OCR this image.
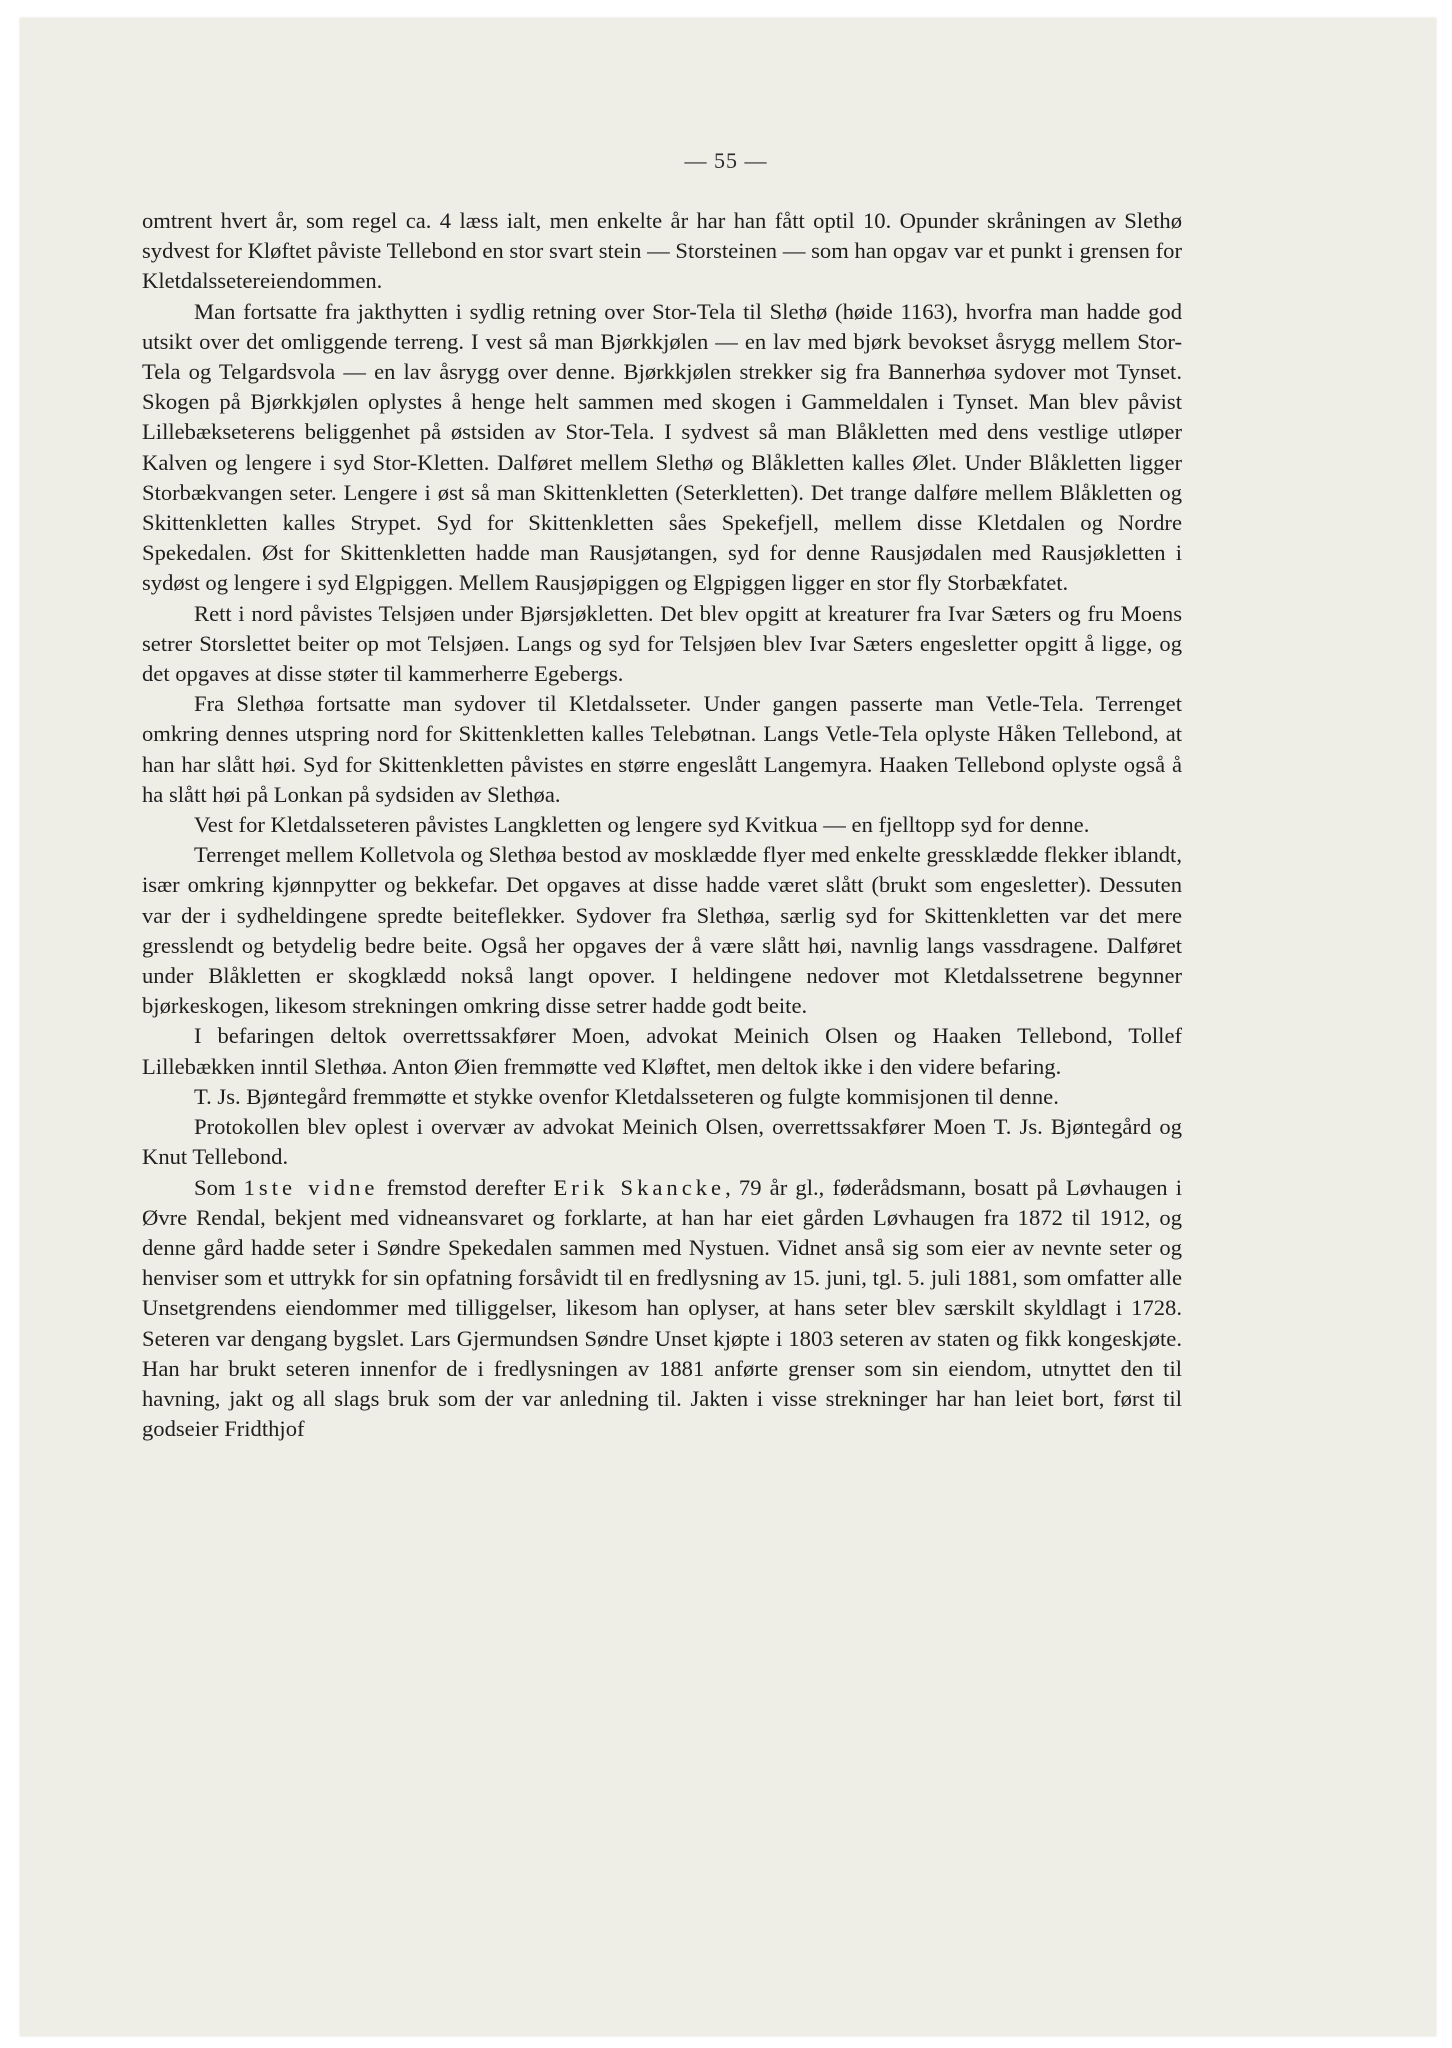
— 55 —

omtrent hvert år, som regel ca. 4 læss ialt, men enkelte år har han fått optil 10. Opunder skråningen av Slethø sydvest for Kløftet påviste Tellebond en stor svart stein — Storsteinen — som han opgav var et punkt i grensen for Kletdalssetereiendommen.

Man fortsatte fra jakthytten i sydlig retning over Stor-Tela til Slethø (høide 1163), hvorfra man hadde god utsikt over det omliggende terreng. I vest så man Bjørkkjølen — en lav med bjørk bevokset åsrygg mellem Stor-Tela og Telgardsvola — en lav åsrygg over denne. Bjørkkjølen strekker sig fra Bannerhøa sydover mot Tynset. Skogen på Bjørkkjølen oplystes å henge helt sammen med skogen i Gammeldalen i Tynset. Man blev påvist Lillebækseterens beliggenhet på østsiden av Stor-Tela. I sydvest så man Blåkletten med dens vestlige utløper Kalven og lengere i syd Stor-Kletten. Dalføret mellem Slethø og Blåkletten kalles Ølet. Under Blåkletten ligger Storbækvangen seter. Lengere i øst så man Skittenkletten (Seterkletten). Det trange dalføre mellem Blåkletten og Skittenkletten kalles Strypet. Syd for Skittenkletten såes Spekefjell, mellem disse Kletdalen og Nordre Spekedalen. Øst for Skittenkletten hadde man Rausjøtangen, syd for denne Rausjødalen med Rausjøkletten i sydøst og lengere i syd Elgpiggen. Mellem Rausjøpiggen og Elgpiggen ligger en stor fly Storbækfatet.

Rett i nord påvistes Telsjøen under Bjørsjøkletten. Det blev opgitt at kreaturer fra Ivar Sæters og fru Moens setrer Storslettet beiter op mot Telsjøen. Langs og syd for Telsjøen blev Ivar Sæters engesletter opgitt å ligge, og det opgaves at disse støter til kammerherre Egebergs.

Fra Slethøa fortsatte man sydover til Kletdalsseter. Under gangen passerte man Vetle-Tela. Terrenget omkring dennes utspring nord for Skittenkletten kalles Telebøtnan. Langs Vetle-Tela oplyste Håken Tellebond, at han har slått høi. Syd for Skittenkletten påvistes en større engeslått Langemyra. Haaken Tellebond oplyste også å ha slått høi på Lonkan på sydsiden av Slethøa.

Vest for Kletdalsseteren påvistes Langkletten og lengere syd Kvitkua — en fjelltopp syd for denne.

Terrenget mellem Kolletvola og Slethøa bestod av mosklædde flyer med enkelte gressklædde flekker iblandt, især omkring kjønnpytter og bekkefar. Det opgaves at disse hadde været slått (brukt som engesletter). Dessuten var der i sydheldingene spredte beiteflekker. Sydover fra Slethøa, særlig syd for Skittenkletten var det mere gresslendt og betydelig bedre beite. Også her opgaves der å være slått høi, navnlig langs vassdragene. Dalføret under Blåkletten er skogklædd nokså langt opover. I heldingene nedover mot Kletdalssetrene begynner bjørkeskogen, likesom strekningen omkring disse setrer hadde godt beite.

I befaringen deltok overrettssakfører Moen, advokat Meinich Olsen og Haaken Tellebond, Tollef Lillebækken inntil Slethøa. Anton Øien fremmøtte ved Kløftet, men deltok ikke i den videre befaring.

T. Js. Bjøntegård fremmøtte et stykke ovenfor Kletdalsseteren og fulgte kommisjonen til denne.

Protokollen blev oplest i overvær av advokat Meinich Olsen, overrettssakfører Moen T. Js. Bjøntegård og Knut Tellebond.

Som 1ste vidne fremstod derefter Erik Skancke, 79 år gl., føderådsmann, bosatt på Løvhaugen i Øvre Rendal, bekjent med vidneansvaret og forklarte, at han har eiet gården Løvhaugen fra 1872 til 1912, og denne gård hadde seter i Søndre Spekedalen sammen med Nystuen. Vidnet anså sig som eier av nevnte seter og henviser som et uttrykk for sin opfatning forsåvidt til en fredlysning av 15. juni, tgl. 5. juli 1881, som omfatter alle Unsetgrendens eiendommer med tilliggelser, likesom han oplyser, at hans seter blev særskilt skyldlagt i 1728. Seteren var dengang bygslet. Lars Gjermundsen Søndre Unset kjøpte i 1803 seteren av staten og fikk kongeskjøte. Han har brukt seteren innenfor de i fredlysningen av 1881 anførte grenser som sin eiendom, utnyttet den til havning, jakt og all slags bruk som der var anledning til. Jakten i visse strekninger har han leiet bort, først til godseier Fridthjof
